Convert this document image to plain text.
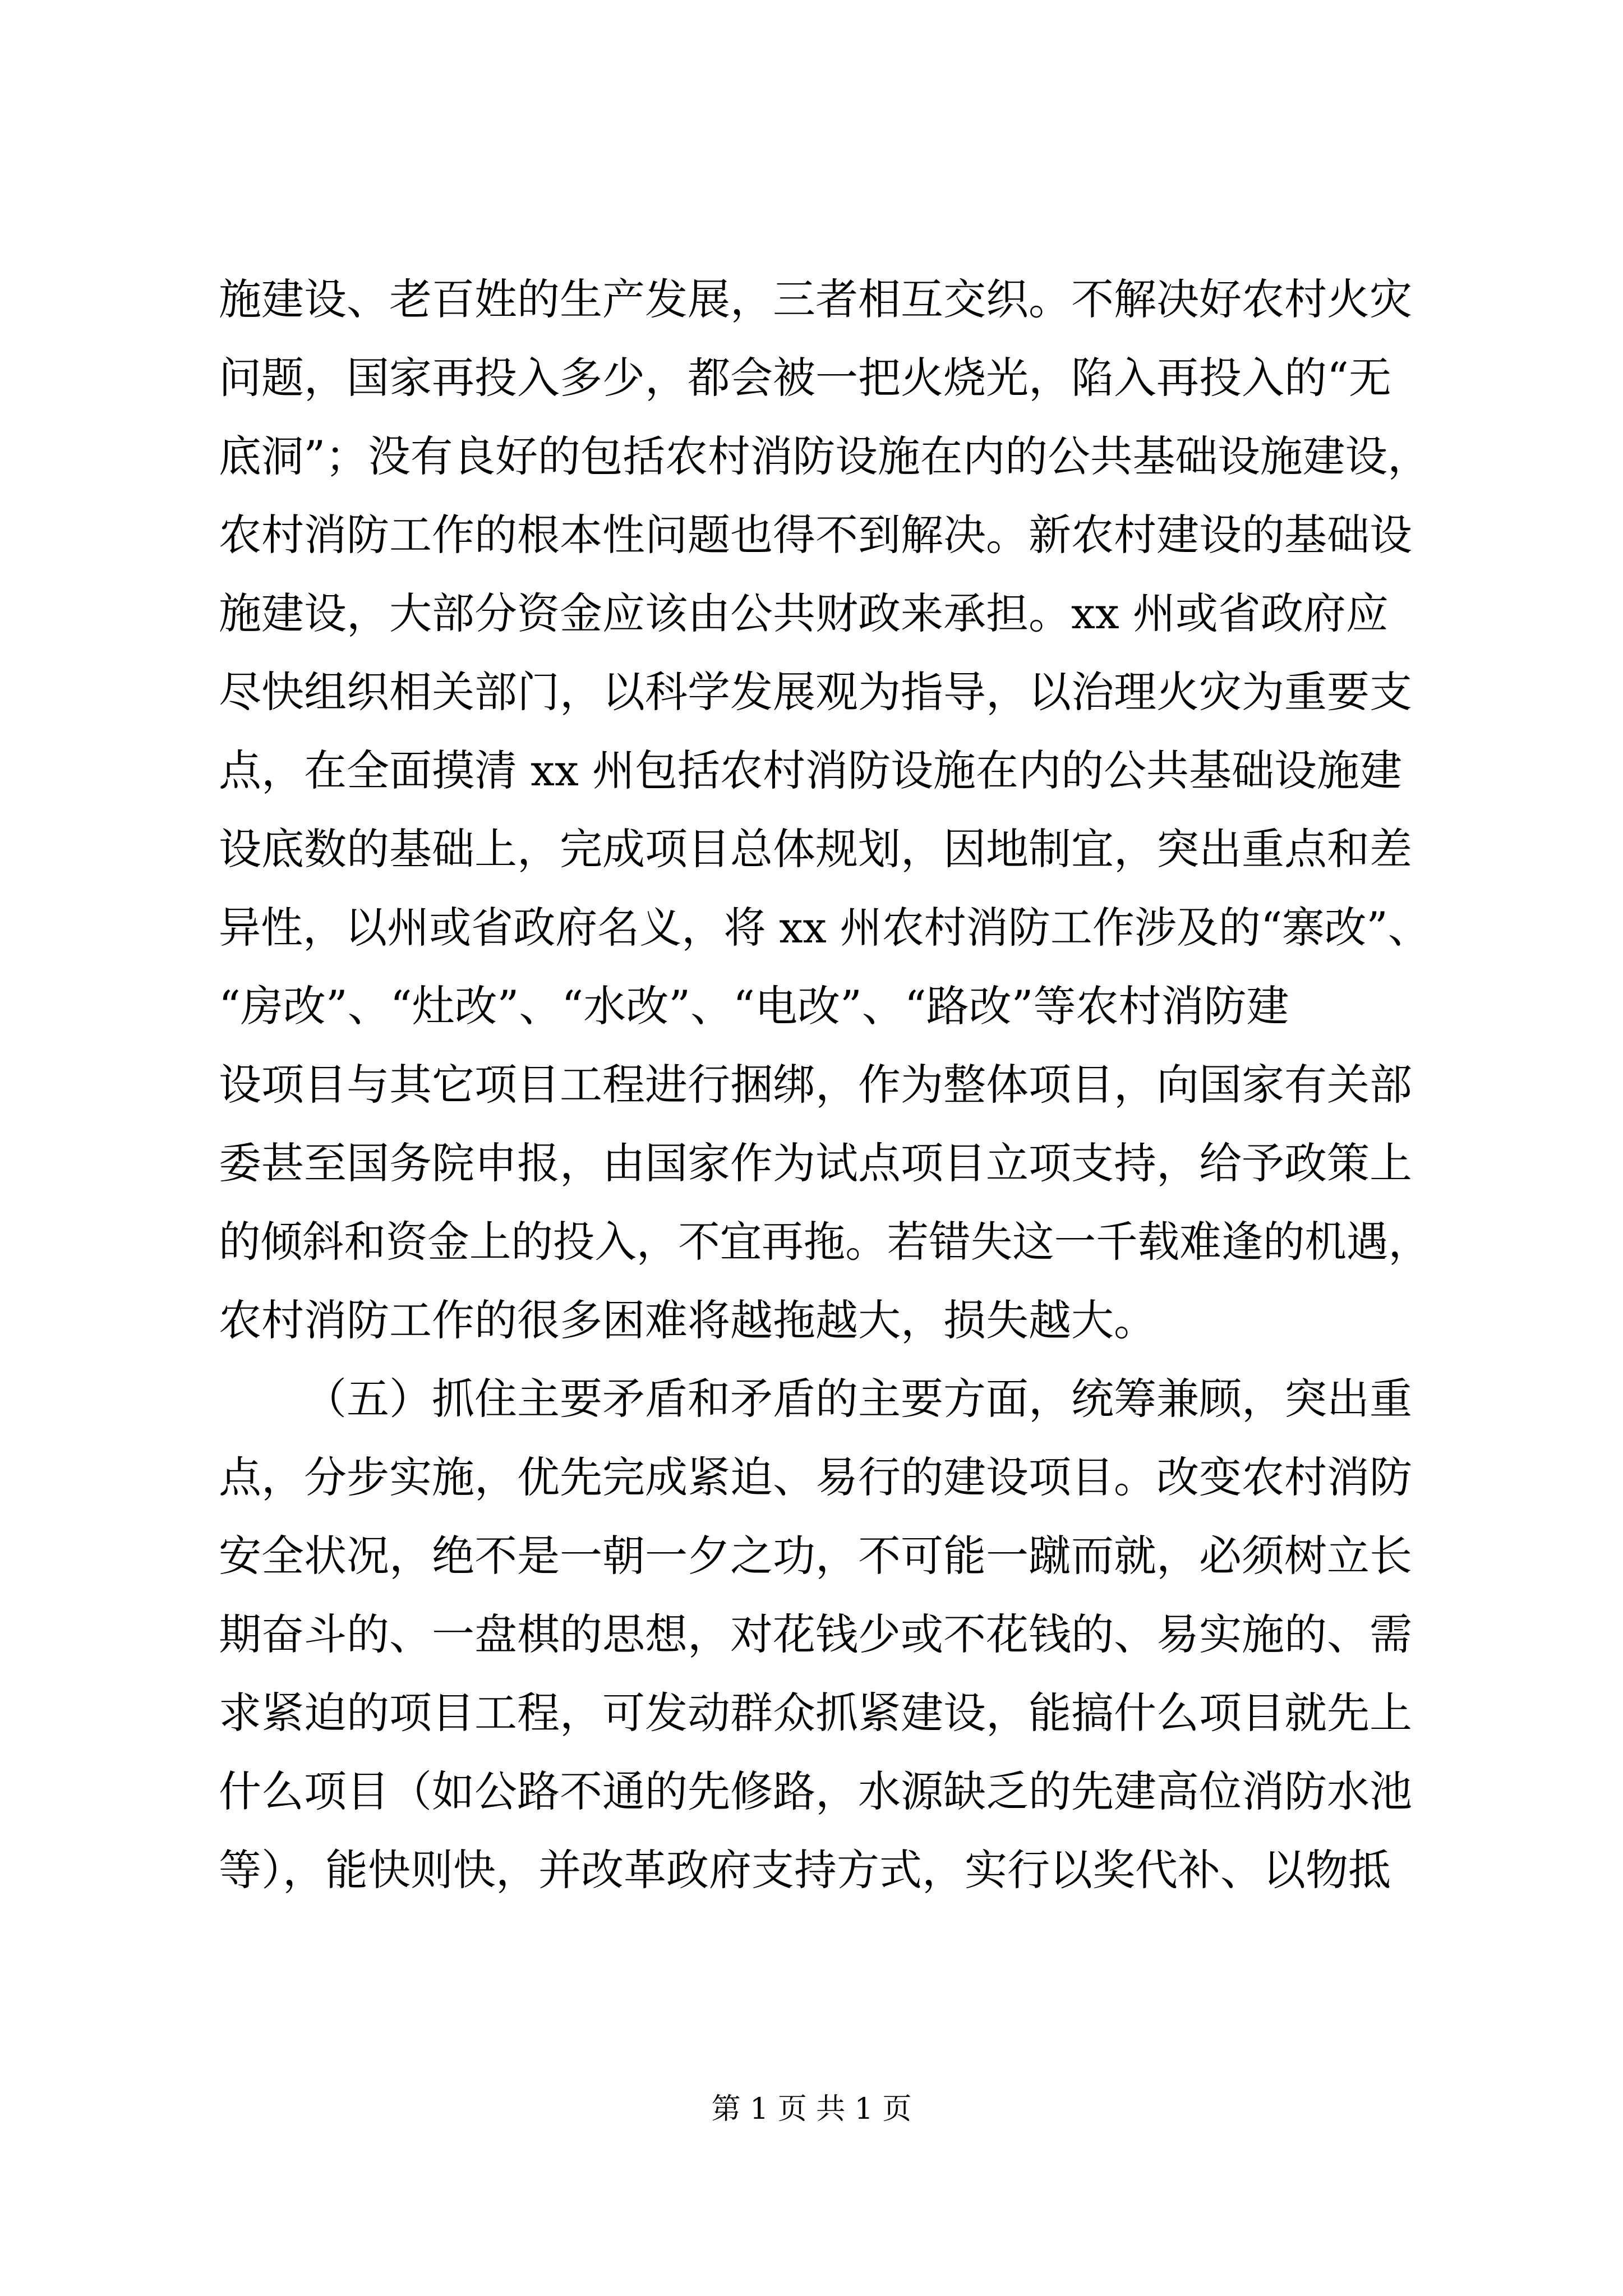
施建设、老百姓的生产发展，三者相互交织。不解决好农村火灾
问题，国家再投入多少，都会被一把火烧光，陷入再投入的“无
底洞”；没有良好的包括农村消防设施在内的公共基础设施建设，
农村消防工作的根本性问题也得不到解决。新农村建设的基础设
施建设，大部分资金应该由公共财政来承担。xx 州或省政府应
尽快组织相关部门，以科学发展观为指导，以治理火灾为重要支
点，在全面摸清 xx 州包括农村消防设施在内的公共基础设施建
设底数的基础上，完成项目总体规划，因地制宜，突出重点和差
异性，以州或省政府名义，将 xx 州农村消防工作涉及的“寨改”、
“房改”、“灶改”、“水改”、“电改”、“路改”等农村消防建
设项目与其它项目工程进行捆绑，作为整体项目，向国家有关部
委甚至国务院申报，由国家作为试点项目立项支持，给予政策上
的倾斜和资金上的投入，不宜再拖。若错失这一千载难逢的机遇，
农村消防工作的很多困难将越拖越大，损失越大。
（五）抓住主要矛盾和矛盾的主要方面，统筹兼顾，突出重
点，分步实施，优先完成紧迫、易行的建设项目。改变农村消防
安全状况，绝不是一朝一夕之功，不可能一蹴而就，必须树立长
期奋斗的、一盘棋的思想，对花钱少或不花钱的、易实施的、需
求紧迫的项目工程，可发动群众抓紧建设，能搞什么项目就先上
什么项目（如公路不通的先修路，水源缺乏的先建高位消防水池
等），能快则快，并改革政府支持方式，实行以奖代补、以物抵
第 1 页 共 1 页
